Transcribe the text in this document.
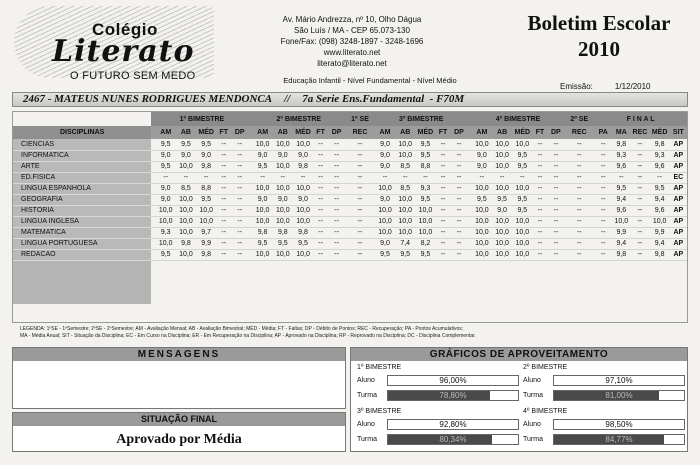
Colégio
Literato
O FUTURO SEM MEDO
Av. Mário Andrezza, nº 10, Olho Dágua
São Luís / MA - CEP 65.073-130
Fone/Fax: (098) 3248-1897 - 3248-1696
www.literato.net
literato@literato.net
Boletim Escolar
2010
Educação Infantil - Nível Fundamental - Nível Médio
Emissão:	1/12/2010
2467 - MATEUS NUNES RODRIGUES MENDONCA // 7a Serie Ens.Fundamental - F70M
		1º BIMESTRE						2º BIMESTRE						1º SE		3º BIMESTRE						4º BIMESTRE						2º SE		F I N A L				
DISCIPLINAS		AM	AB	MÉD	FT	DP		AM	AB	MÉD	FT	DP		REC		AM	AB	MÉD	FT	DP		AM	AB	MÉD	FT	DP		REC		PA	MA	REC	MÉD	SIT
CIENCIAS		9,5	9,5	9,5	--	--		10,0	10,0	10,0	--	--		--		9,0	10,0	9,5	--	--		10,0	10,0	10,0	--	--		--		--	9,8	--	9,8	AP
INFORMATICA		9,0	9,0	9,0	--	--		9,0	9,0	9,0	--	--		--		9,0	10,0	9,5	--	--		9,0	10,0	9,5	--	--		--		--	9,3	--	9,3	AP
ARTE		9,5	10,0	9,8	--	--		9,5	10,0	9,8	--	--		--		9,0	8,5	8,8	--	--		9,0	10,0	9,5	--	--		--		--	9,6	--	9,6	AP
ED.FISICA		--	--	--	--	--		--	--	--	--	--		--		--	--	--	--	--		--	--	--	--	--		--		--	--	--	--	EC
LINGUA ESPANHOLA		9,0	8,5	8,8	--	--		10,0	10,0	10,0	--	--		--		10,0	8,5	9,3	--	--		10,0	10,0	10,0	--	--		--		--	9,5	--	9,5	AP
GEOGRAFIA		9,0	10,0	9,5	--	--		9,0	9,0	9,0	--	--		--		9,0	10,0	9,5	--	--		9,5	9,5	9,5	--	--		--		--	9,4	--	9,4	AP
HISTORIA		10,0	10,0	10,0	--	--		10,0	10,0	10,0	--	--		--		10,0	10,0	10,0	--	--		10,0	9,0	9,5	--	--		--		--	9,6	--	9,6	AP
LINGUA INGLESA		10,0	10,0	10,0	--	--		10,0	10,0	10,0	--	--		--		10,0	10,0	10,0	--	--		10,0	10,0	10,0	--	--		--		--	10,0	--	10,0	AP
MATEMATICA		9,3	10,0	9,7	--	--		9,8	9,8	9,8	--	--		--		10,0	10,0	10,0	--	--		10,0	10,0	10,0	--	--		--		--	9,9	--	9,9	AP
LINGUA PORTUGUESA		10,0	9,8	9,9	--	--		9,5	9,5	9,5	--	--		--		9,0	7,4	8,2	--	--		10,0	10,0	10,0	--	--		--		--	9,4	--	9,4	AP
REDACAO		9,5	10,0	9,8	--	--		10,0	10,0	10,0	--	--		--		9,5	9,5	9,5	--	--		10,0	10,0	10,0	--	--		--		--	9,8	--	9,8	AP

LEGENDA: 1ºSE - 1ºSemestre; 2ºSE - 2ºSemestre; AM - Avaliação Mensal; AB - Avaliação Bimestral; MÉD - Média; FT - Faltas; DP - Débito de Pontos; REC - Recuperação; PA - Pontos Acumulativos;
MA - Média Anual; SIT - Situação da Disciplina; EC - Em Curso na Disciplina; ER - Em Recuperação na Disciplina; AP - Aprovado na Disciplina; RP - Reprovado na Disciplina; DC - Disciplina Complementar.
MENSAGENS
SITUAÇÃO FINAL
Aprovado por Média
GRÁFICOS DE APROVEITAMENTO
1º BIMESTRE
Aluno	96,00%
Turma	78,80%
2º BIMESTRE
Aluno	97,10%
Turma	81,00%
3º BIMESTRE
Aluno	92,80%
Turma	80,34%
4º BIMESTRE
Aluno	98,50%
Turma	84,77%
